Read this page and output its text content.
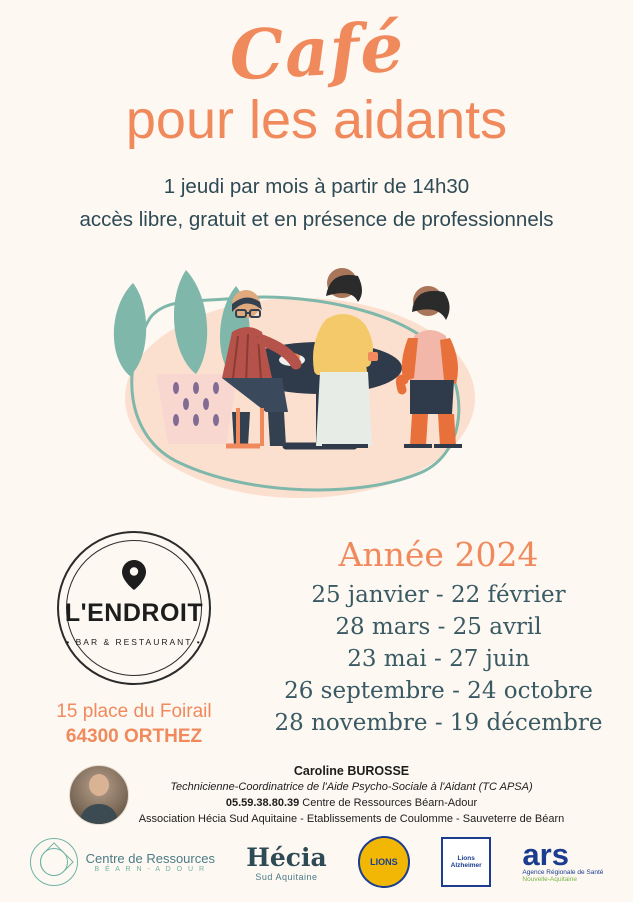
Café
pour les aidants

1 jeudi par mois à partir de 14h30

accès libre, gratuit et en présence de professionnels

L'ENDROIT
• BAR & RESTAURANT •
15 place du Foirail
64300 ORTHEZ
Année 2024
25 janvier - 22 février
28 mars - 25 avril
23 mai - 27 juin
26 septembre - 24 octobre
28 novembre - 19 décembre
Caroline BUROSSE
Technicienne-Coordinatrice de l'Aide Psycho-Sociale à l'Aidant (TC APSA)
05.59.38.80.39 Centre de Ressources Béarn-Adour
Association Hécia Sud Aquitaine - Etablissements de Coulomme - Sauveterre de Béarn
Centre de Ressources
B É A R N - A D O U R	Hécia
Sud Aquitaine
LIONS	Lions
Alzheimer ars
Agence Régionale de Santé
Nouvelle-Aquitaine
